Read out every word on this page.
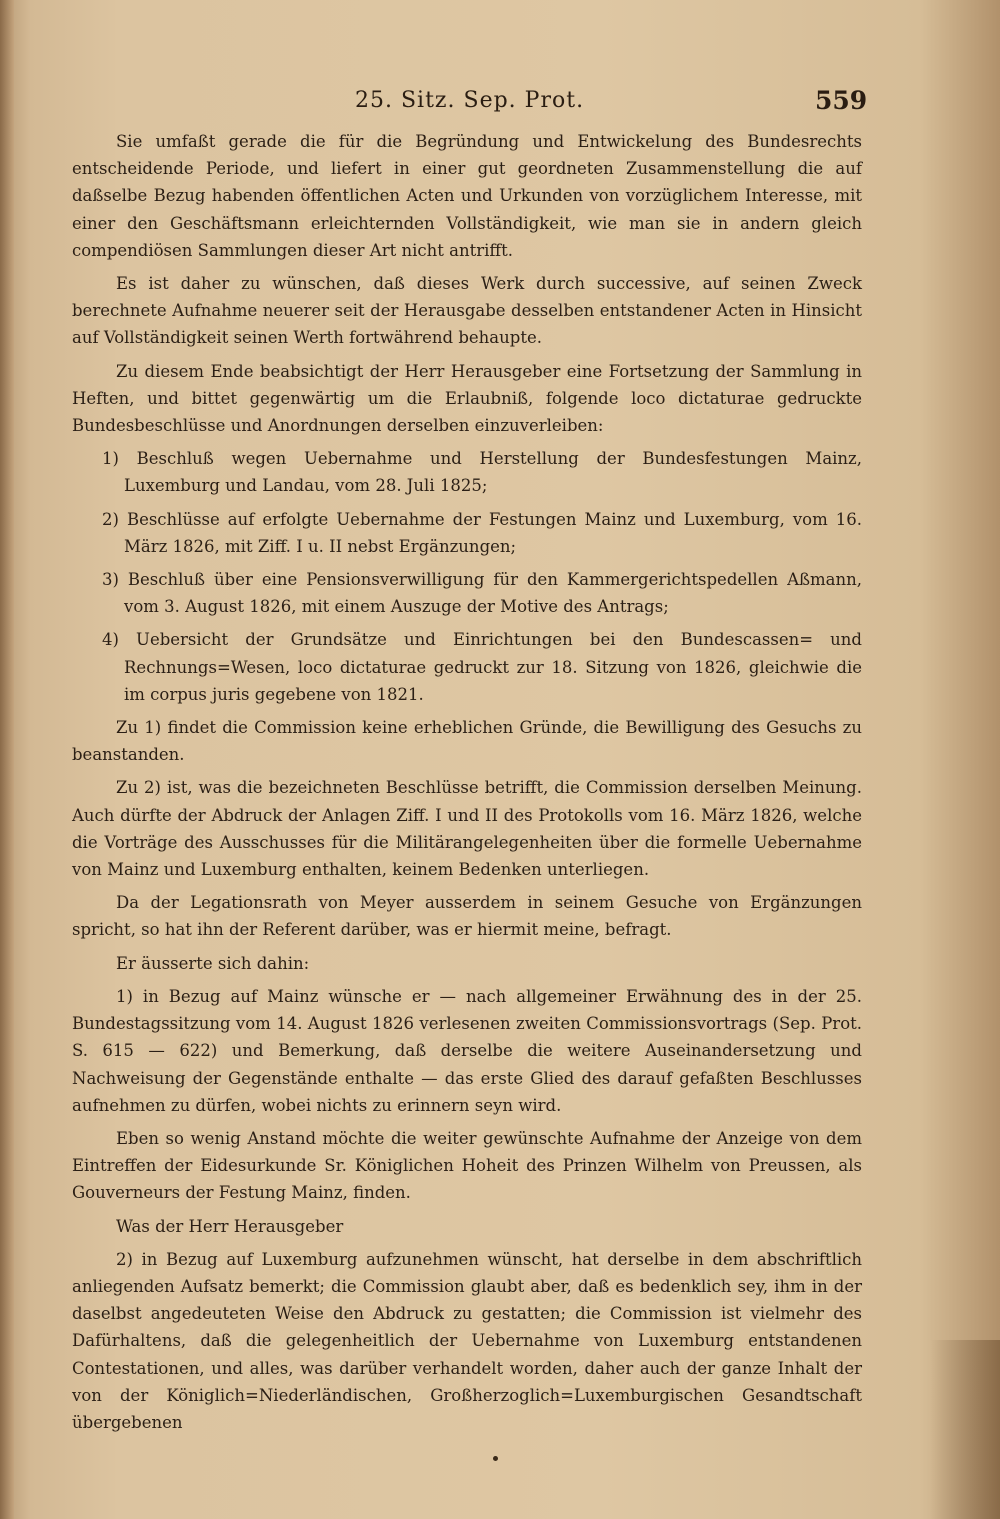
25. Sitz. Sep. Prot.	559

Sie umfaßt gerade die für die Begründung und Entwickelung des Bundesrechts entscheidende Periode, und liefert in einer gut geordneten Zusammenstellung die auf daßselbe Bezug habenden öffentlichen Acten und Urkunden von vorzüglichem Interesse, mit einer den Geschäftsmann erleichternden Vollständigkeit, wie man sie in andern gleich compendiösen Sammlungen dieser Art nicht antrifft.

Es ist daher zu wünschen, daß dieses Werk durch successive, auf seinen Zweck berechnete Aufnahme neuerer seit der Herausgabe desselben entstandener Acten in Hinsicht auf Vollständigkeit seinen Werth fortwährend behaupte.

Zu diesem Ende beabsichtigt der Herr Herausgeber eine Fortsetzung der Sammlung in Heften, und bittet gegenwärtig um die Erlaubniß, folgende loco dictaturae gedruckte Bundesbeschlüsse und Anordnungen derselben einzuverleiben:

1) Beschluß wegen Uebernahme und Herstellung der Bundesfestungen Mainz, Luxemburg und Landau, vom 28. Juli 1825;

2) Beschlüsse auf erfolgte Uebernahme der Festungen Mainz und Luxemburg, vom 16. März 1826, mit Ziff. I u. II nebst Ergänzungen;

3) Beschluß über eine Pensionsverwilligung für den Kammergerichtspedellen Aßmann, vom 3. August 1826, mit einem Auszuge der Motive des Antrags;

4) Uebersicht der Grundsätze und Einrichtungen bei den Bundescassen= und Rechnungs=Wesen, loco dictaturae gedruckt zur 18. Sitzung von 1826, gleichwie die im corpus juris gegebene von 1821.

Zu 1) findet die Commission keine erheblichen Gründe, die Bewilligung des Gesuchs zu beanstanden.

Zu 2) ist, was die bezeichneten Beschlüsse betrifft, die Commission derselben Meinung. Auch dürfte der Abdruck der Anlagen Ziff. I und II des Protokolls vom 16. März 1826, welche die Vorträge des Ausschusses für die Militärangelegenheiten über die formelle Uebernahme von Mainz und Luxemburg enthalten, keinem Bedenken unterliegen.

Da der Legationsrath von Meyer ausserdem in seinem Gesuche von Ergänzungen spricht, so hat ihn der Referent darüber, was er hiermit meine, befragt.

Er äusserte sich dahin:

1) in Bezug auf Mainz wünsche er — nach allgemeiner Erwähnung des in der 25. Bundestagssitzung vom 14. August 1826 verlesenen zweiten Commissionsvortrags (Sep. Prot. S. 615 — 622) und Bemerkung, daß derselbe die weitere Auseinandersetzung und Nachweisung der Gegenstände enthalte — das erste Glied des darauf gefaßten Beschlusses aufnehmen zu dürfen, wobei nichts zu erinnern seyn wird.

Eben so wenig Anstand möchte die weiter gewünschte Aufnahme der Anzeige von dem Eintreffen der Eidesurkunde Sr. Königlichen Hoheit des Prinzen Wilhelm von Preussen, als Gouverneurs der Festung Mainz, finden.

Was der Herr Herausgeber

2) in Bezug auf Luxemburg aufzunehmen wünscht, hat derselbe in dem abschriftlich anliegenden Aufsatz bemerkt; die Commission glaubt aber, daß es bedenklich sey, ihm in der daselbst angedeuteten Weise den Abdruck zu gestatten; die Commission ist vielmehr des Dafürhaltens, daß die gelegenheitlich der Uebernahme von Luxemburg entstandenen Contestationen, und alles, was darüber verhandelt worden, daher auch der ganze Inhalt der von der Königlich=Niederländischen, Großherzoglich=Luxemburgischen Gesandtschaft übergebenen
